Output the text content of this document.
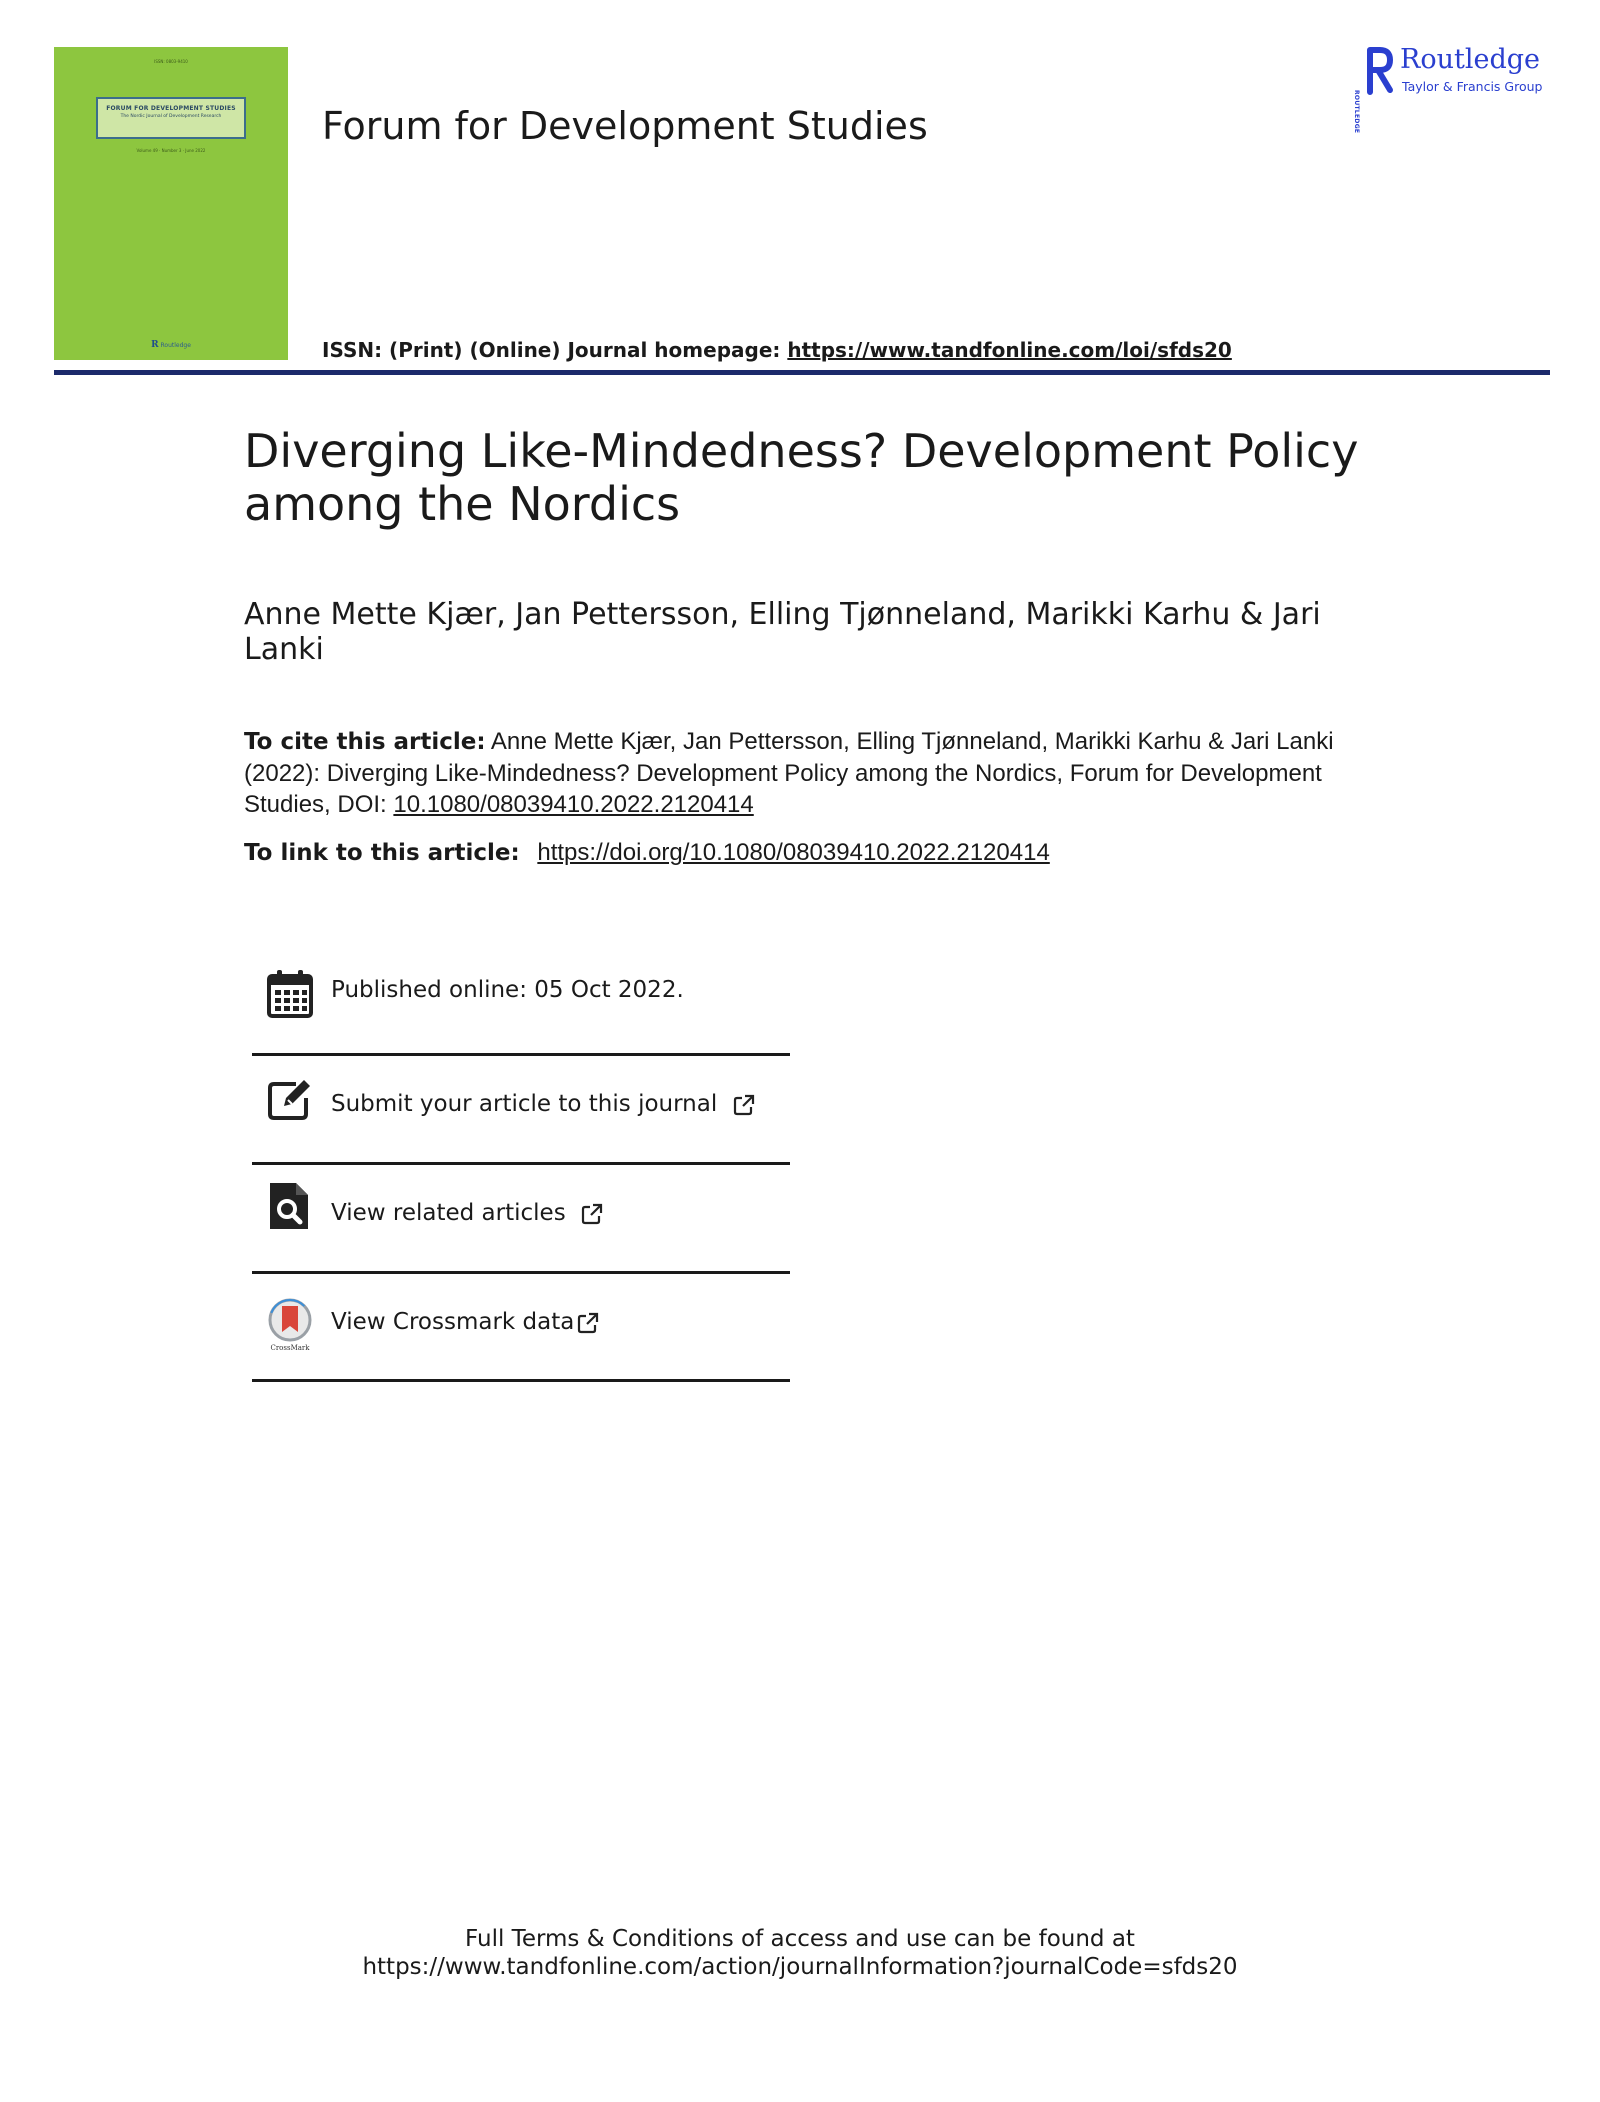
ISSN: 0803-9410
FORUM FOR DEVELOPMENT STUDIES
The Nordic Journal of Development Research
Volume 49 · Number 3 · June 2022
R Routledge
Forum for Development Studies
ISSN: (Print) (Online) Journal homepage: https://www.tandfonline.com/loi/sfds20
ROUTLEDGE
Routledge
Taylor & Francis Group
Diverging Like-Mindedness? Development Policy among the Nordics
Anne Mette Kjær, Jan Pettersson, Elling Tjønneland, Marikki Karhu & Jari Lanki
To cite this article: Anne Mette Kjær, Jan Pettersson, Elling Tjønneland, Marikki Karhu & Jari Lanki (2022): Diverging Like-Mindedness? Development Policy among the Nordics, Forum for Development Studies, DOI: 10.1080/08039410.2022.2120414
To link to this article: https://doi.org/10.1080/08039410.2022.2120414
Published online: 05 Oct 2022.
Submit your article to this journal
View related articles
CrossMark
View Crossmark data
Full Terms & Conditions of access and use can be found at
https://www.tandfonline.com/action/journalInformation?journalCode=sfds20
